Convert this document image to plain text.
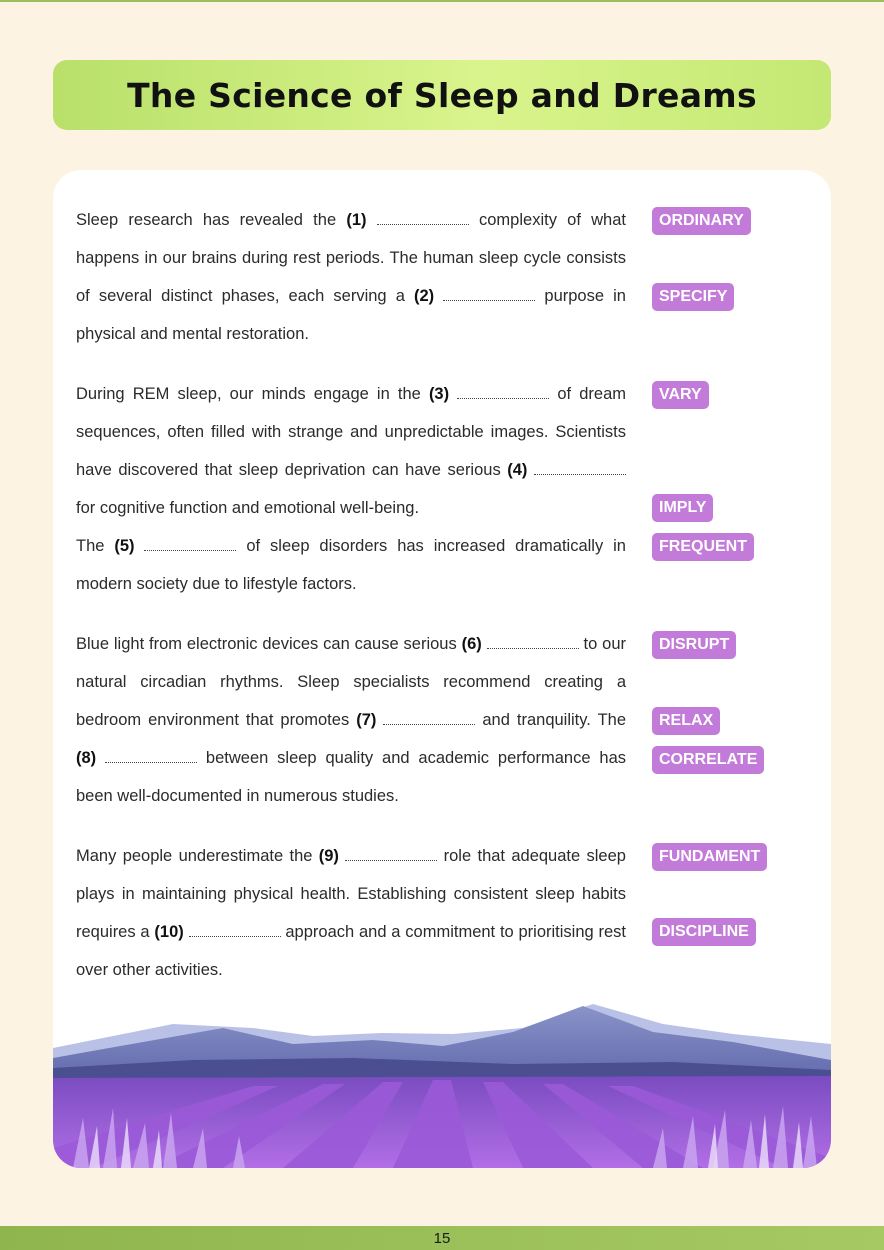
The Science of Sleep and Dreams

Sleep research has revealed the (1)	complexity of what happens in our brains during rest periods. The human sleep cycle consists of several distinct phases, each serving a (2)	purpose in physical and mental restoration.

During REM sleep, our minds engage in the (3)	of dream sequences, often filled with strange and unpredictable images. Scientists have discovered that sleep deprivation can have serious (4)  for cognitive function and emotional well-being.
The (5)	of sleep disorders has increased dramatically in modern society due to lifestyle factors.

Blue light from electronic devices can cause serious (6)	to our natural circadian rhythms. Sleep specialists recommend creating a bedroom environment that promotes (7)	and tranquility. The (8)	between sleep quality and academic performance has been well-documented in numerous studies.

Many people underestimate the (9)	role that adequate sleep plays in maintaining physical health. Establishing consistent sleep habits requires a (10)	approach and a commitment to prioritising rest over other activities.

ORDINARY
SPECIFY
VARY
IMPLY
FREQUENT
DISRUPT
RELAX
CORRELATE
FUNDAMENT
DISCIPLINE
15
